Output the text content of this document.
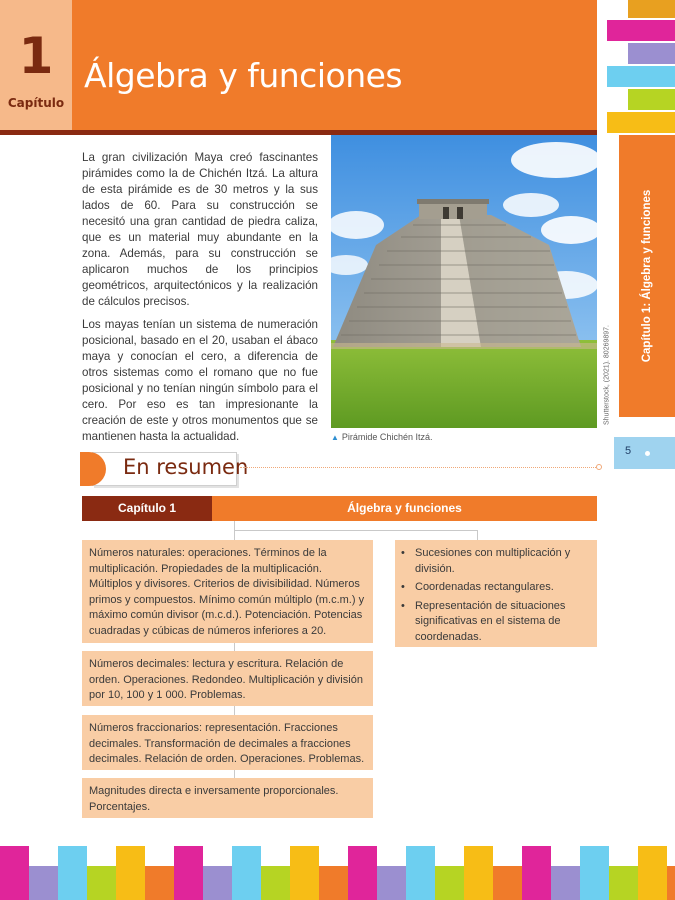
1
Capítulo
Álgebra y funciones
Capítulo 1: Álgebra y funciones
Shutterstock, (2021). 80269897.
5

La gran civilización Maya creó fascinantes pirámides como la de Chichén Itzá. La altura de esta pirámide es de 30 metros y la sus lados de 60. Para su construcción se necesitó una gran cantidad de piedra caliza, que es un material muy abundante en la zona. Además, para su construcción se aplicaron muchos de los principios geométricos, arquitectónicos y la realización de cálculos precisos.

Los mayas tenían un sistema de numeración posicional, basado en el 20, usaban el ábaco maya y conocían el cero, a diferencia de otros sistemas como el romano que no fue posicional y no tenían ningún símbolo para el cero. Por eso es tan impresionante la creación de este y otros monumentos que se mantienen hasta la actualidad.	▲ Pirámide Chichén Itzá.
En resumen
Capítulo 1	Álgebra y funciones
Números naturales: operaciones. Términos de la multiplicación. Propiedades de la multiplicación. Múltiplos y divisores. Criterios de divisibilidad. Números primos y compuestos. Mínimo común múltiplo (m.c.m.) y máximo común divisor (m.c.d.). Potenciación. Potencias cuadradas y cúbicas de números inferiores a 20.
Números decimales: lectura y escritura. Relación de orden. Operaciones. Redondeo. Multiplicación y división por 10, 100 y 1 000. Problemas.
Números fraccionarios: representación. Fracciones decimales. Transformación de decimales a fracciones decimales. Relación de orden. Operaciones. Problemas.
Magnitudes directa e inversamente proporcionales. Porcentajes.
• Sucesiones con multiplicación y división.
• Coordenadas rectangulares.
• Representación de situaciones significativas en el sistema de coordenadas.
